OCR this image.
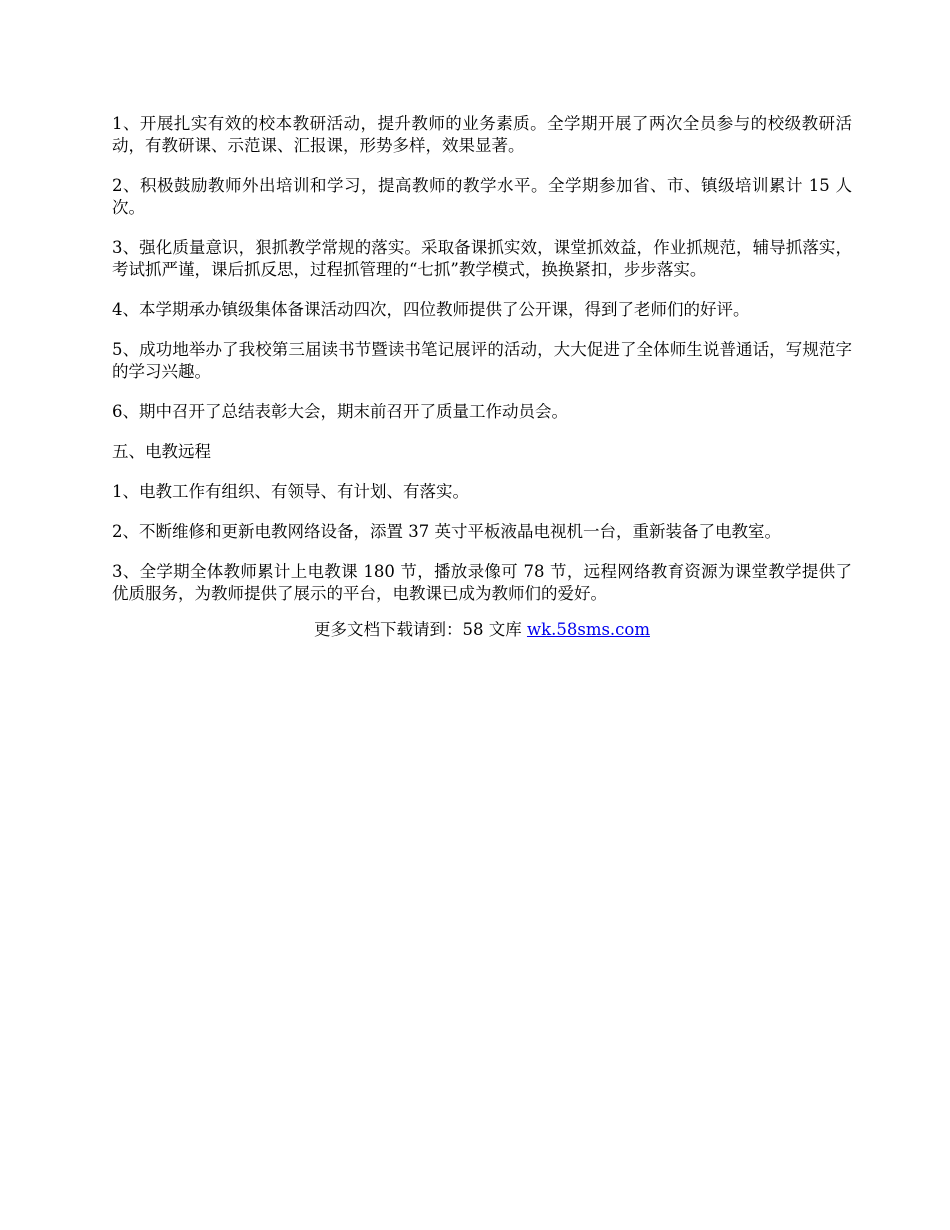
1、开展扎实有效的校本教研活动，提升教师的业务素质。全学期开展了两次全员参与的校级教研活动，有教研课、示范课、汇报课，形势多样，效果显著。

2、积极鼓励教师外出培训和学习，提高教师的教学水平。全学期参加省、市、镇级培训累计 15 人次。

3、强化质量意识，狠抓教学常规的落实。采取备课抓实效，课堂抓效益，作业抓规范，辅导抓落实，考试抓严谨，课后抓反思，过程抓管理的“七抓”教学模式，换换紧扣，步步落实。

4、本学期承办镇级集体备课活动四次，四位教师提供了公开课，得到了老师们的好评。

5、成功地举办了我校第三届读书节暨读书笔记展评的活动，大大促进了全体师生说普通话，写规范字的学习兴趣。

6、期中召开了总结表彰大会，期末前召开了质量工作动员会。

五、电教远程

1、电教工作有组织、有领导、有计划、有落实。

2、不断维修和更新电教网络设备，添置 37 英寸平板液晶电视机一台，重新装备了电教室。

3、全学期全体教师累计上电教课 180 节，播放录像可 78 节，远程网络教育资源为课堂教学提供了优质服务，为教师提供了展示的平台，电教课已成为教师们的爱好。

更多文档下载请到：58 文库 wk.58sms.com
